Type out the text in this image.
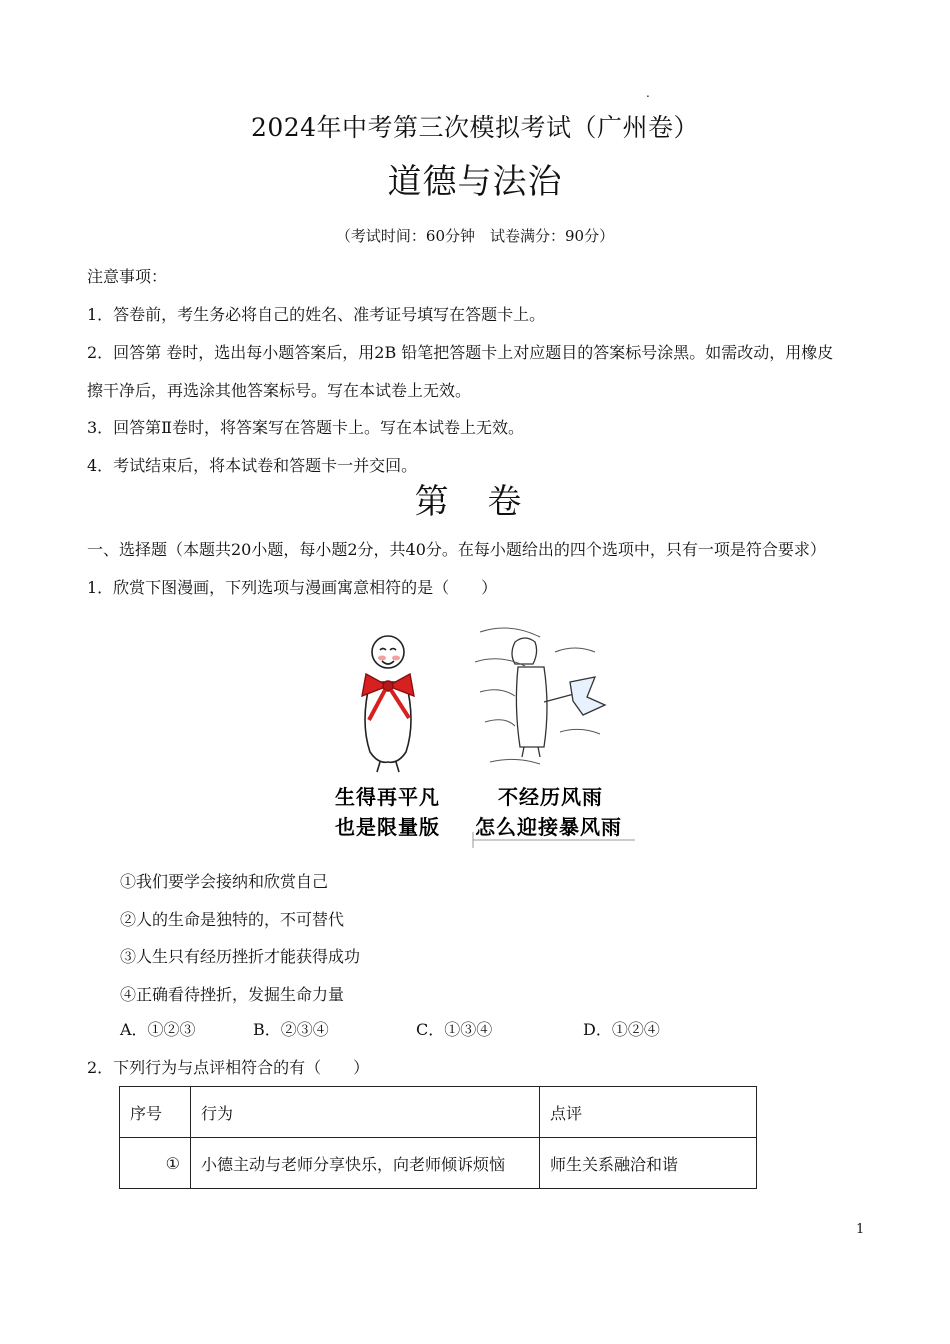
.
2024年中考第三次模拟考试（广州卷）
道德与法治
（考试时间：60分钟　试卷满分：90分）
注意事项：
1．答卷前，考生务必将自己的姓名、准考证号填写在答题卡上。
2．回答第 卷时，选出每小题答案后，用2B 铅笔把答题卡上对应题目的答案标号涂黑。如需改动，用橡皮
擦干净后，再选涂其他答案标号。写在本试卷上无效。
3．回答第Ⅱ卷时，将答案写在答题卡上。写在本试卷上无效。
4．考试结束后，将本试卷和答题卡一并交回。
第 卷
一、选择题（本题共20小题，每小题2分，共40分。在每小题给出的四个选项中，只有一项是符合要求）
1．欣赏下图漫画，下列选项与漫画寓意相符的是（　　）
生得再平凡
也是限量版
不经历风雨
怎么迎接暴风雨
①我们要学会接纳和欣赏自己
②人的生命是独特的，不可替代
③人生只有经历挫折才能获得成功
④正确看待挫折，发掘生命力量
A．①②③	B．②③④	C．①③④	D．①②④
2．下列行为与点评相符合的有（　　）
序号	行为	点评
①	小德主动与老师分享快乐，向老师倾诉烦恼	师生关系融洽和谐
1
